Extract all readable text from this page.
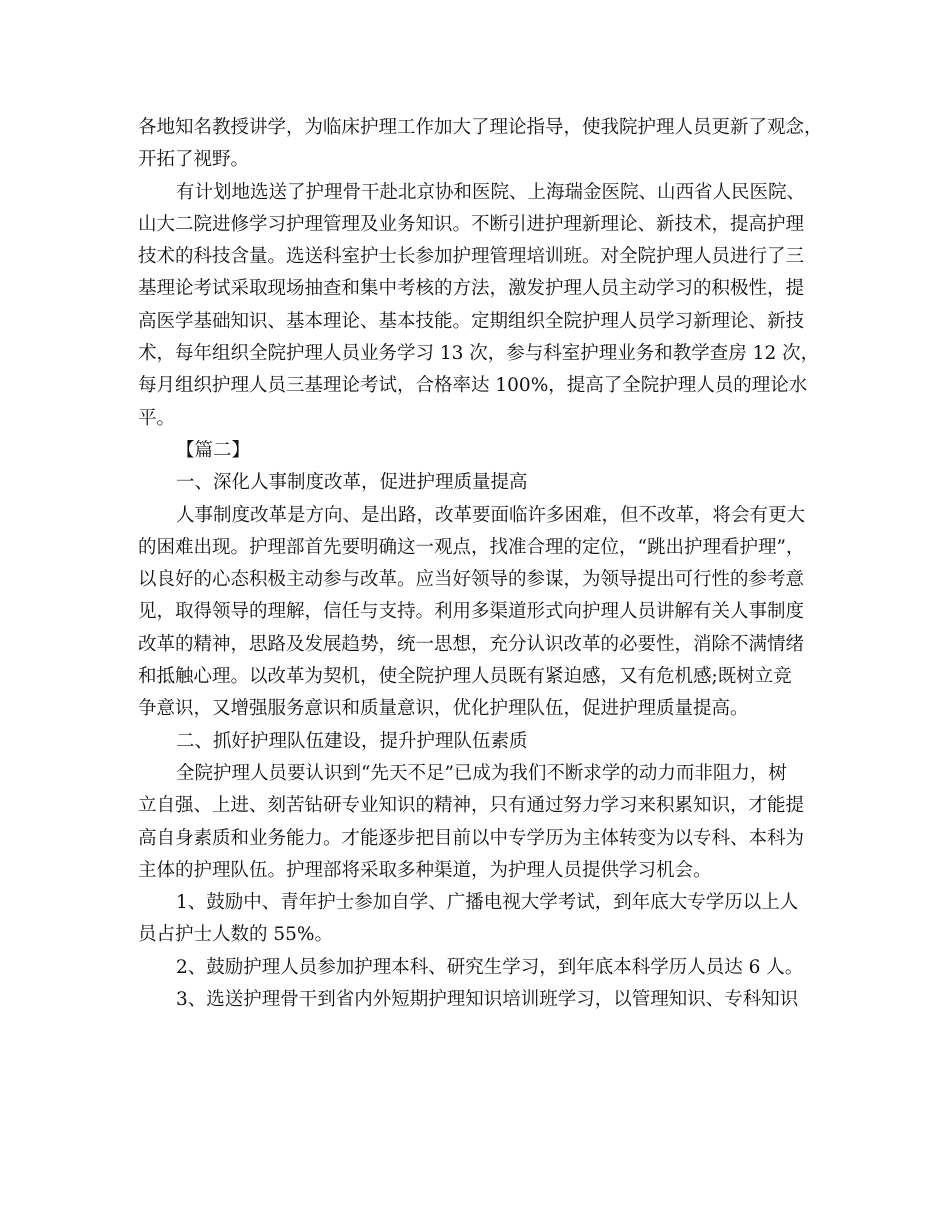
各地知名教授讲学，为临床护理工作加大了理论指导，使我院护理人员更新了观念，

开拓了视野。

有计划地选送了护理骨干赴北京协和医院、上海瑞金医院、山西省人民医院、

山大二院进修学习护理管理及业务知识。不断引进护理新理论、新技术，提高护理

技术的科技含量。选送科室护士长参加护理管理培训班。对全院护理人员进行了三

基理论考试采取现场抽查和集中考核的方法，激发护理人员主动学习的积极性，提

高医学基础知识、基本理论、基本技能。定期组织全院护理人员学习新理论、新技

术，每年组织全院护理人员业务学习 13 次，参与科室护理业务和教学查房 12 次，

每月组织护理人员三基理论考试，合格率达 100%，提高了全院护理人员的理论水

平。

【篇二】

一、深化人事制度改革，促进护理质量提高

人事制度改革是方向、是出路，改革要面临许多困难，但不改革，将会有更大

的困难出现。护理部首先要明确这一观点，找准合理的定位，“跳出护理看护理”，

以良好的心态积极主动参与改革。应当好领导的参谋，为领导提出可行性的参考意

见，取得领导的理解，信任与支持。利用多渠道形式向护理人员讲解有关人事制度

改革的精神，思路及发展趋势，统一思想，充分认识改革的必要性，消除不满情绪

和抵触心理。以改革为契机，使全院护理人员既有紧迫感，又有危机感;既树立竞

争意识，又增强服务意识和质量意识，优化护理队伍，促进护理质量提高。

二、抓好护理队伍建设，提升护理队伍素质

全院护理人员要认识到“先天不足”已成为我们不断求学的动力而非阻力，树

立自强、上进、刻苦钻研专业知识的精神，只有通过努力学习来积累知识，才能提

高自身素质和业务能力。才能逐步把目前以中专学历为主体转变为以专科、本科为

主体的护理队伍。护理部将采取多种渠道，为护理人员提供学习机会。

1、鼓励中、青年护士参加自学、广播电视大学考试，到年底大专学历以上人

员占护士人数的 55%。

2、鼓励护理人员参加护理本科、研究生学习，到年底本科学历人员达 6 人。

3、选送护理骨干到省内外短期护理知识培训班学习，以管理知识、专科知识
